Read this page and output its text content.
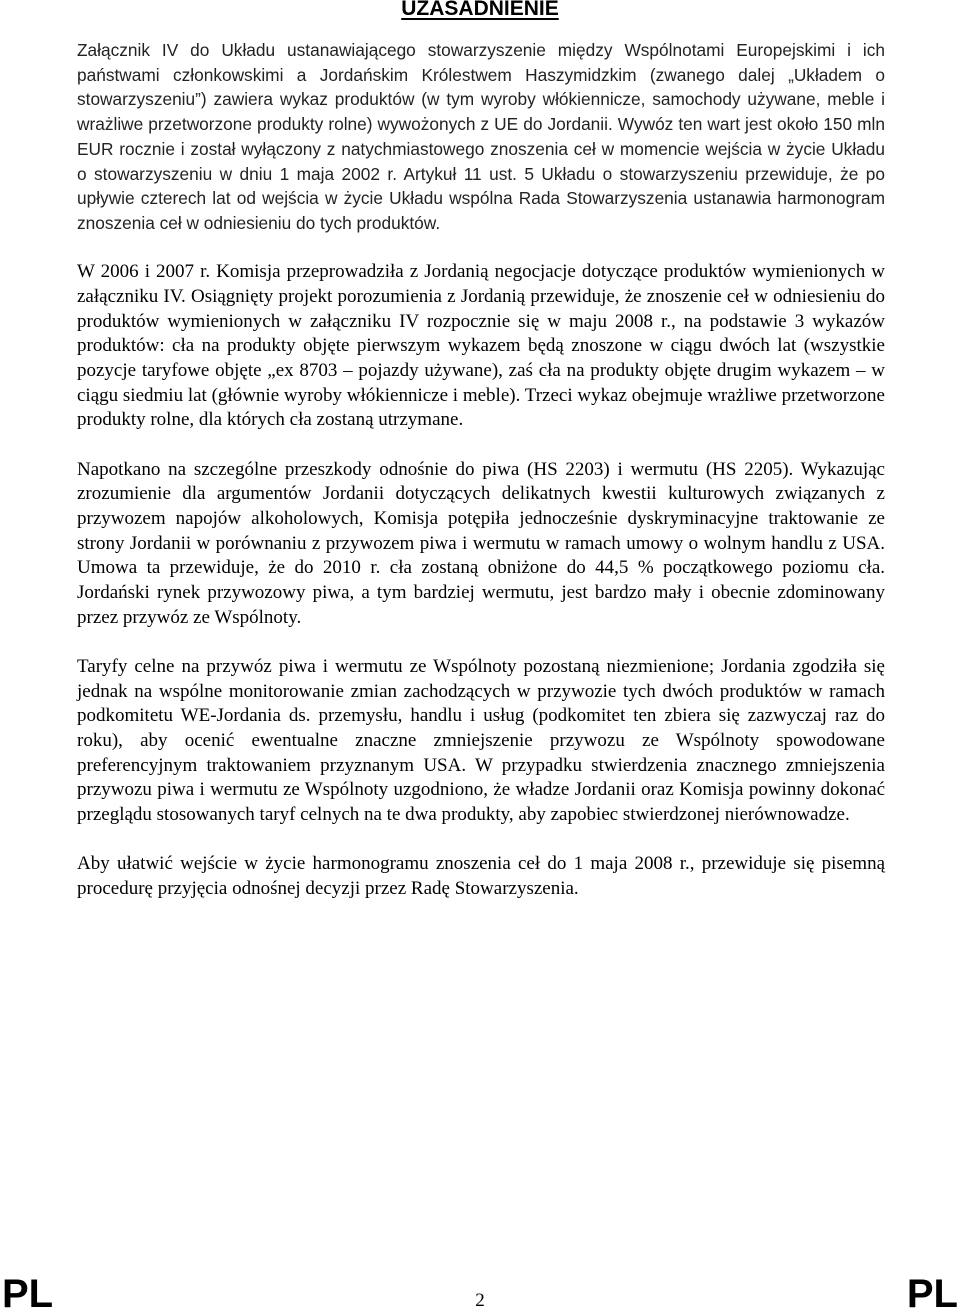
UZASADNIENIE

Załącznik IV do Układu ustanawiającego stowarzyszenie między Wspólnotami Europejskimi i ich państwami członkowskimi a Jordańskim Królestwem Haszymidzkim (zwanego dalej „Układem o stowarzyszeniu”) zawiera wykaz produktów (w tym wyroby włókiennicze, samochody używane, meble i wrażliwe przetworzone produkty rolne) wywożonych z UE do Jordanii. Wywóz ten wart jest około 150 mln EUR rocznie i został wyłączony z natychmiastowego znoszenia ceł w momencie wejścia w życie Układu o stowarzyszeniu w dniu 1 maja 2002 r. Artykuł 11 ust. 5 Układu o stowarzyszeniu przewiduje, że po upływie czterech lat od wejścia w życie Układu wspólna Rada Stowarzyszenia ustanawia harmonogram znoszenia ceł w odniesieniu do tych produktów.

W 2006 i 2007 r. Komisja przeprowadziła z Jordanią negocjacje dotyczące produktów wymienionych w załączniku IV. Osiągnięty projekt porozumienia z Jordanią przewiduje, że znoszenie ceł w odniesieniu do produktów wymienionych w załączniku IV rozpocznie się w maju 2008 r., na podstawie 3 wykazów produktów: cła na produkty objęte pierwszym wykazem będą znoszone w ciągu dwóch lat (wszystkie pozycje taryfowe objęte „ex 8703 – pojazdy używane), zaś cła na produkty objęte drugim wykazem – w ciągu siedmiu lat (głównie wyroby włókiennicze i meble). Trzeci wykaz obejmuje wrażliwe przetworzone produkty rolne, dla których cła zostaną utrzymane.

Napotkano na szczególne przeszkody odnośnie do piwa (HS 2203) i wermutu (HS 2205). Wykazując zrozumienie dla argumentów Jordanii dotyczących delikatnych kwestii kulturowych związanych z przywozem napojów alkoholowych, Komisja potępiła jednocześnie dyskryminacyjne traktowanie ze strony Jordanii w porównaniu z przywozem piwa i wermutu w ramach umowy o wolnym handlu z USA. Umowa ta przewiduje, że do 2010 r. cła zostaną obniżone do 44,5 % początkowego poziomu cła. Jordański rynek przywozowy piwa, a tym bardziej wermutu, jest bardzo mały i obecnie zdominowany przez przywóz ze Wspólnoty.

Taryfy celne na przywóz piwa i wermutu ze Wspólnoty pozostaną niezmienione; Jordania zgodziła się jednak na wspólne monitorowanie zmian zachodzących w przywozie tych dwóch produktów w ramach podkomitetu WE-Jordania ds. przemysłu, handlu i usług (podkomitet ten zbiera się zazwyczaj raz do roku), aby ocenić ewentualne znaczne zmniejszenie przywozu ze Wspólnoty spowodowane preferencyjnym traktowaniem przyznanym USA. W przypadku stwierdzenia znacznego zmniejszenia przywozu piwa i wermutu ze Wspólnoty uzgodniono, że władze Jordanii oraz Komisja powinny dokonać przeglądu stosowanych taryf celnych na te dwa produkty, aby zapobiec stwierdzonej nierównowadze.

Aby ułatwić wejście w życie harmonogramu znoszenia ceł do 1 maja 2008 r., przewiduje się pisemną procedurę przyjęcia odnośnej decyzji przez Radę Stowarzyszenia.

PL	2	PL
